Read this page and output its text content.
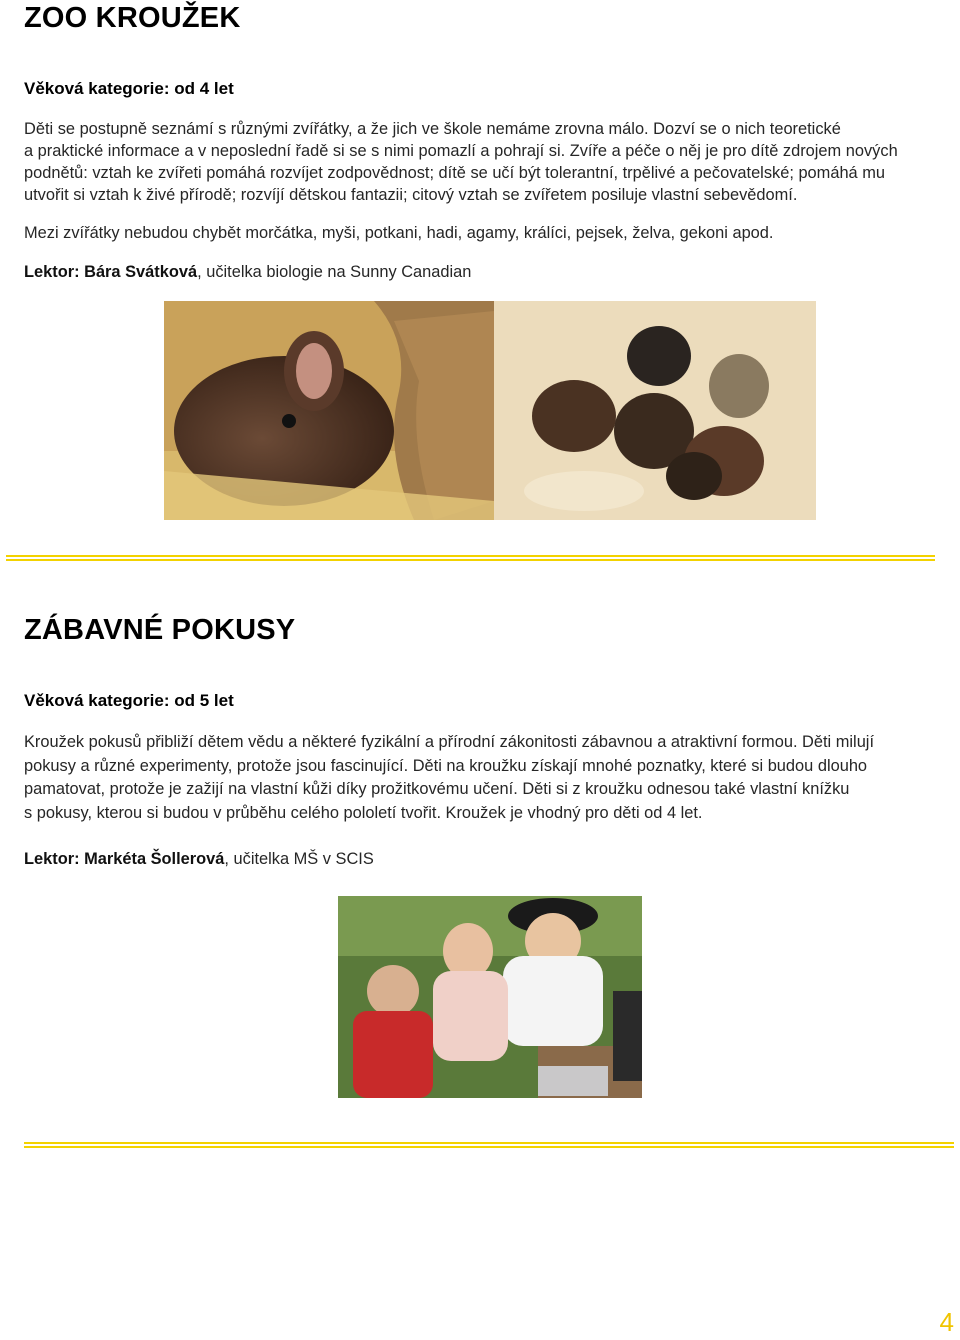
ZOO KROUŽEK
Věková kategorie: od 4 let
Děti se postupně seznámí s různými zvířátky, a že jich ve škole nemáme zrovna málo. Dozví se o nich teoretické
a praktické informace a v neposlední řadě si se s nimi pomazlí a pohrají si. Zvíře a péče o něj je pro dítě zdrojem nových
podnětů: vztah ke zvířeti pomáhá rozvíjet zodpovědnost; dítě se učí být tolerantní, trpělivé a pečovatelské; pomáhá mu
utvořit si vztah k živé přírodě; rozvíjí dětskou fantazii; citový vztah se zvířetem posiluje vlastní sebevědomí.
Mezi zvířátky nebudou chybět morčátka, myši, potkani, hadi, agamy, králíci, pejsek, želva, gekoni apod.
Lektor: Bára Svátková, učitelka biologie na Sunny Canadian
ZÁBAVNÉ POKUSY
Věková kategorie: od 5 let
Kroužek pokusů přibliží dětem vědu a některé fyzikální a přírodní zákonitosti zábavnou a atraktivní formou. Děti milují
pokusy a různé experimenty, protože jsou fascinující. Děti na kroužku získají mnohé poznatky, které si budou dlouho
pamatovat, protože je zažijí na vlastní kůži díky prožitkovému učení. Děti si z kroužku odnesou také vlastní knížku
s pokusy, kterou si budou v průběhu celého pololetí tvořit. Kroužek je vhodný pro děti od 4 let.
Lektor: Markéta Šollerová, učitelka MŠ v SCIS
4
